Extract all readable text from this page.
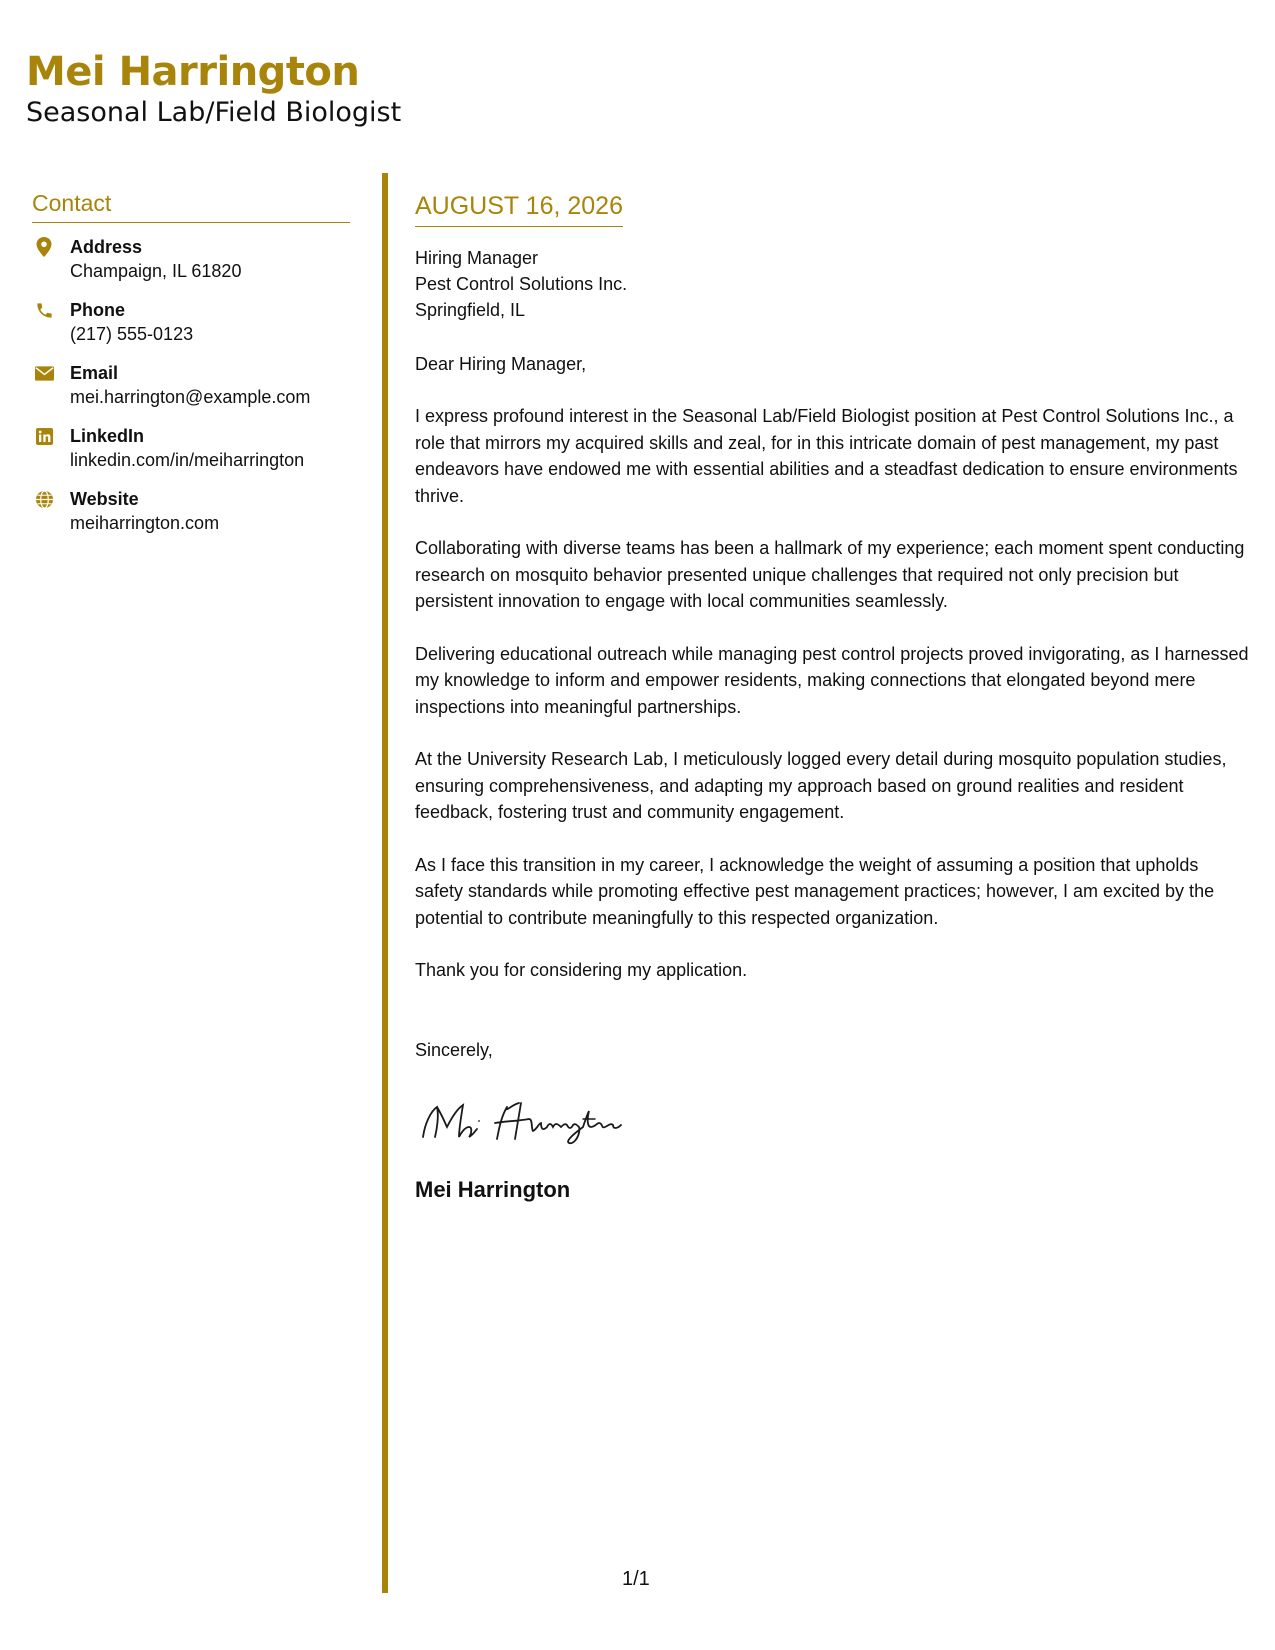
Mei Harrington
Seasonal Lab/Field Biologist
Contact
Address
Champaign, IL 61820
Phone
(217) 555-0123
Email
mei.harrington@example.com
LinkedIn
linkedin.com/in/meiharrington
Website
meiharrington.com
AUGUST 16, 2026
Hiring Manager
Pest Control Solutions Inc.
Springfield, IL
Dear Hiring Manager,
I express profound interest in the Seasonal Lab/Field Biologist position at Pest Control Solutions Inc., a role that mirrors my acquired skills and zeal, for in this intricate domain of pest management, my past endeavors have endowed me with essential abilities and a steadfast dedication to ensure environments thrive.
Collaborating with diverse teams has been a hallmark of my experience; each moment spent conducting research on mosquito behavior presented unique challenges that required not only precision but persistent innovation to engage with local communities seamlessly.
Delivering educational outreach while managing pest control projects proved invigorating, as I harnessed my knowledge to inform and empower residents, making connections that elongated beyond mere inspections into meaningful partnerships.
At the University Research Lab, I meticulously logged every detail during mosquito population studies, ensuring comprehensiveness, and adapting my approach based on ground realities and resident feedback, fostering trust and community engagement.
As I face this transition in my career, I acknowledge the weight of assuming a position that upholds safety standards while promoting effective pest management practices; however, I am excited by the potential to contribute meaningfully to this respected organization.
Thank you for considering my application.
Sincerely,
Mei Harrington
1/1
